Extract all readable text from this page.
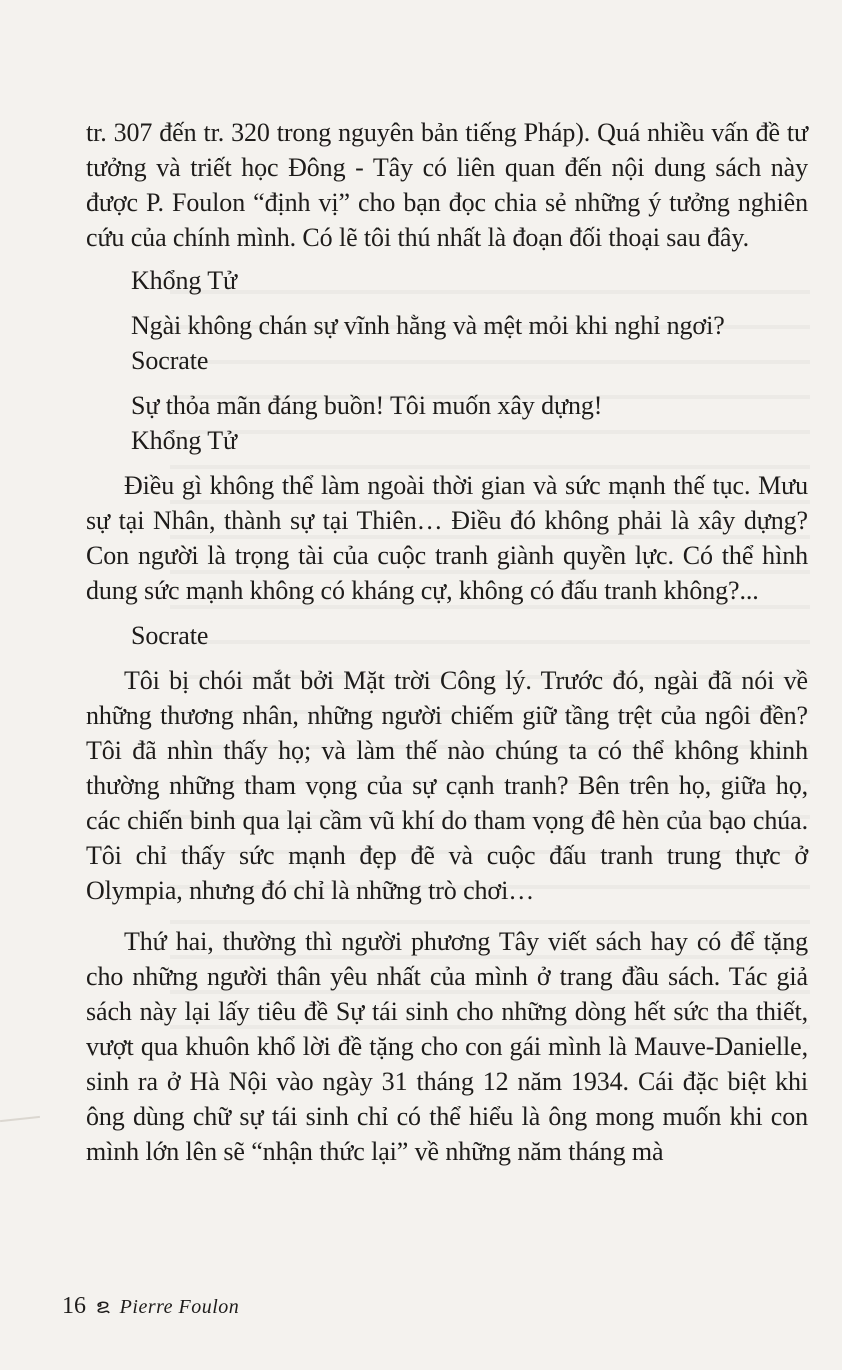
tr. 307 đến tr. 320 trong nguyên bản tiếng Pháp). Quá nhiều vấn đề tư tưởng và triết học Đông - Tây có liên quan đến nội dung sách này được P. Foulon “định vị” cho bạn đọc chia sẻ những ý tưởng nghiên cứu của chính mình. Có lẽ tôi thú nhất là đoạn đối thoại sau đây.

Khổng Tử

Ngài không chán sự vĩnh hằng và mệt mỏi khi nghỉ ngơi?

Socrate

Sự thỏa mãn đáng buồn! Tôi muốn xây dựng!

Khổng Tử

Điều gì không thể làm ngoài thời gian và sức mạnh thế tục. Mưu sự tại Nhân, thành sự tại Thiên… Điều đó không phải là xây dựng? Con người là trọng tài của cuộc tranh giành quyền lực. Có thể hình dung sức mạnh không có kháng cự, không có đấu tranh không?...

Socrate

Tôi bị chói mắt bởi Mặt trời Công lý. Trước đó, ngài đã nói về những thương nhân, những người chiếm giữ tầng trệt của ngôi đền? Tôi đã nhìn thấy họ; và làm thế nào chúng ta có thể không khinh thường những tham vọng của sự cạnh tranh? Bên trên họ, giữa họ, các chiến binh qua lại cầm vũ khí do tham vọng đê hèn của bạo chúa. Tôi chỉ thấy sức mạnh đẹp đẽ và cuộc đấu tranh trung thực ở Olympia, nhưng đó chỉ là những trò chơi…

Thứ hai, thường thì người phương Tây viết sách hay có để tặng cho những người thân yêu nhất của mình ở trang đầu sách. Tác giả sách này lại lấy tiêu đề Sự tái sinh cho những dòng hết sức tha thiết, vượt qua khuôn khổ lời đề tặng cho con gái mình là Mauve-Danielle, sinh ra ở Hà Nội vào ngày 31 tháng 12 năm 1934. Cái đặc biệt khi ông dùng chữ sự tái sinh chỉ có thể hiểu là ông mong muốn khi con mình lớn lên sẽ “nhận thức lại” về những năm tháng mà

16 ຂ Pierre Foulon
